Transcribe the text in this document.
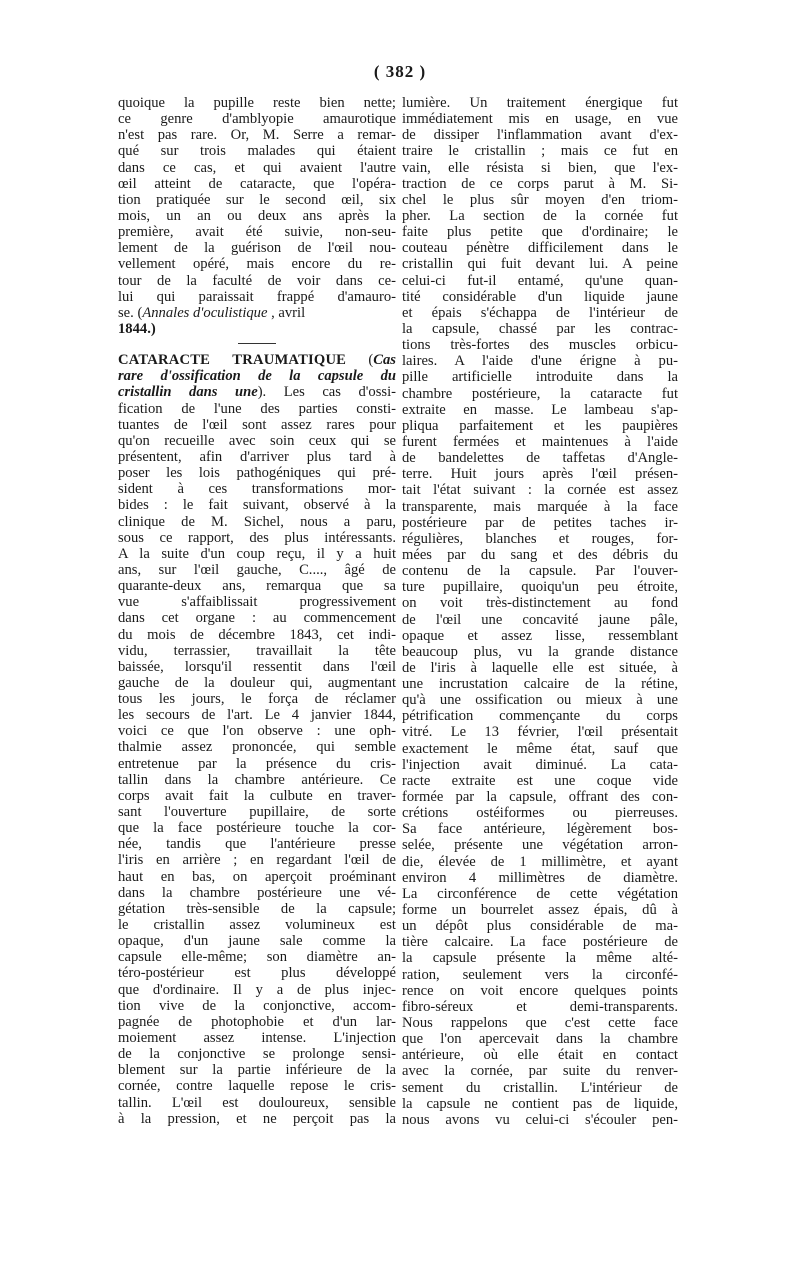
( 382 )
quoique la pupille reste bien nette;
ce genre d'amblyopie amaurotique
n'est pas rare. Or, M. Serre a remar-
qué sur trois malades qui étaient
dans ce cas, et qui avaient l'autre
œil atteint de cataracte, que l'opéra-
tion pratiquée sur le second œil, six
mois, un an ou deux ans après la
première, avait été suivie, non-seu-
lement de la guérison de l'œil nou-
vellement opéré, mais encore du re-
tour de la faculté de voir dans ce-
lui qui paraissait frappé d'amauro-
se. (Annales d'oculistique , avril
1844.)
CATARACTE TRAUMATIQUE (Cas
rare d'ossification de la capsule du
cristallin dans une). Les cas d'ossi-
fication de l'une des parties consti-
tuantes de l'œil sont assez rares pour
qu'on recueille avec soin ceux qui se
présentent, afin d'arriver plus tard à
poser les lois pathogéniques qui pré-
sident à ces transformations mor-
bides : le fait suivant, observé à la
clinique de M. Sichel, nous a paru,
sous ce rapport, des plus intéressants.
A la suite d'un coup reçu, il y a huit
ans, sur l'œil gauche, C...., âgé de
quarante-deux ans, remarqua que sa
vue s'affaiblissait progressivement
dans cet organe : au commencement
du mois de décembre 1843, cet indi-
vidu, terrassier, travaillait la tête
baissée, lorsqu'il ressentit dans l'œil
gauche de la douleur qui, augmentant
tous les jours, le força de réclamer
les secours de l'art. Le 4 janvier 1844,
voici ce que l'on observe : une oph-
thalmie assez prononcée, qui semble
entretenue par la présence du cris-
tallin dans la chambre antérieure. Ce
corps avait fait la culbute en traver-
sant l'ouverture pupillaire, de sorte
que la face postérieure touche la cor-
née, tandis que l'antérieure presse
l'iris en arrière ; en regardant l'œil de
haut en bas, on aperçoit proéminant
dans la chambre postérieure une vé-
gétation très-sensible de la capsule;
le cristallin assez volumineux est
opaque, d'un jaune sale comme la
capsule elle-même; son diamètre an-
téro-postérieur est plus développé
que d'ordinaire. Il y a de plus injec-
tion vive de la conjonctive, accom-
pagnée de photophobie et d'un lar-
moiement assez intense. L'injection
de la conjonctive se prolonge sensi-
blement sur la partie inférieure de la
cornée, contre laquelle repose le cris-
tallin. L'œil est douloureux, sensible
à la pression, et ne perçoit pas la
lumière. Un traitement énergique fut
immédiatement mis en usage, en vue
de dissiper l'inflammation avant d'ex-
traire le cristallin ; mais ce fut en
vain, elle résista si bien, que l'ex-
traction de ce corps parut à M. Si-
chel le plus sûr moyen d'en triom-
pher. La section de la cornée fut
faite plus petite que d'ordinaire; le
couteau pénètre difficilement dans le
cristallin qui fuit devant lui. A peine
celui-ci fut-il entamé, qu'une quan-
tité considérable d'un liquide jaune
et épais s'échappa de l'intérieur de
la capsule, chassé par les contrac-
tions très-fortes des muscles orbicu-
laires. A l'aide d'une érigne à pu-
pille artificielle introduite dans la
chambre postérieure, la cataracte fut
extraite en masse. Le lambeau s'ap-
pliqua parfaitement et les paupières
furent fermées et maintenues à l'aide
de bandelettes de taffetas d'Angle-
terre. Huit jours après l'œil présen-
tait l'état suivant : la cornée est assez
transparente, mais marquée à la face
postérieure par de petites taches ir-
régulières, blanches et rouges, for-
mées par du sang et des débris du
contenu de la capsule. Par l'ouver-
ture pupillaire, quoiqu'un peu étroite,
on voit très-distinctement au fond
de l'œil une concavité jaune pâle,
opaque et assez lisse, ressemblant
beaucoup plus, vu la grande distance
de l'iris à laquelle elle est située, à
une incrustation calcaire de la rétine,
qu'à une ossification ou mieux à une
pétrification commençante du corps
vitré. Le 13 février, l'œil présentait
exactement le même état, sauf que
l'injection avait diminué. La cata-
racte extraite est une coque vide
formée par la capsule, offrant des con-
crétions ostéiformes ou pierreuses.
Sa face antérieure, légèrement bos-
selée, présente une végétation arron-
die, élevée de 1 millimètre, et ayant
environ 4 millimètres de diamètre.
La circonférence de cette végétation
forme un bourrelet assez épais, dû à
un dépôt plus considérable de ma-
tière calcaire. La face postérieure de
la capsule présente la même alté-
ration, seulement vers la circonfé-
rence on voit encore quelques points
fibro-séreux et demi-transparents.
Nous rappelons que c'est cette face
que l'on apercevait dans la chambre
antérieure, où elle était en contact
avec la cornée, par suite du renver-
sement du cristallin. L'intérieur de
la capsule ne contient pas de liquide,
nous avons vu celui-ci s'écouler pen-
